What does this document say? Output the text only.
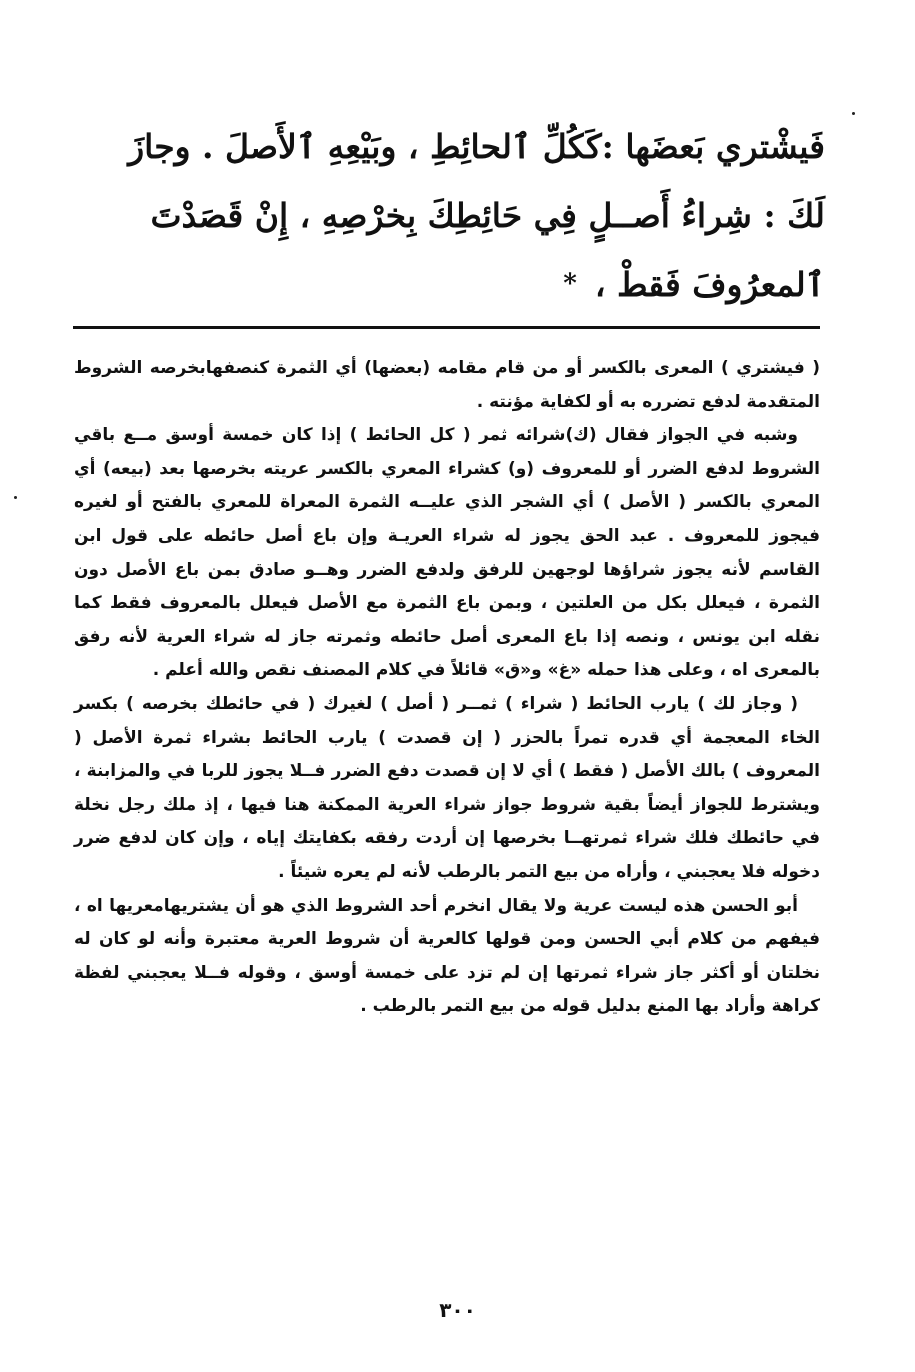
فَيشْتري بَعضَها :كَكُلِّ ٱلحائِطِ ، وبَيْعِهِ ٱلأَصلَ . وجازَ
لَكَ : شِراءُ أَصــلٍ فِي حَائِطِكَ بِخرْصِهِ ، إِنْ قَصَدْتَ
ٱلمعرُوفَ فَقطْ ،*

( فيشتري ) المعرى بالكسر أو من قام مقامه (بعضها) أي الثمرة كنصفهابخرصه الشروط المتقدمة لدفع تضرره به أو لكفاية مؤنته .

وشبه في الجواز فقال (ك)شرائه ثمر ( كل الحائط ) إذا كان خمسة أوسق مــع باقي الشروط لدفع الضرر أو للمعروف (و) كشراء المعري بالكسر عريته بخرصها بعد (بيعه) أي المعري بالكسر ( الأصل ) أي الشجر الذي عليــه الثمرة المعراة للمعري بالفتح أو لغيره فيجوز للمعروف . عبد الحق يجوز له شراء العريـة وإن باع أصل حائطه على قول ابن القاسم لأنه يجوز شراؤها لوجهين للرفق ولدفع الضرر وهــو صادق بمن باع الأصل دون الثمرة ، فيعلل بكل من العلتين ، وبمن باع الثمرة مع الأصل فيعلل بالمعروف فقط كما نقله ابن يونس ، ونصه إذا باع المعرى أصل حائطه وثمرته جاز له شراء العرية لأنه رفق بالمعرى اه ، وعلى هذا حمله «غ» و«ق» قائلاً في كلام المصنف نقص والله أعلم .

( وجاز لك ) يارب الحائط ( شراء ) ثمــر ( أصل ) لغيرك ( في حائطك بخرصه ) بكسر الخاء المعجمة أي قدره تمراً بالحزر ( إن قصدت ) يارب الحائط بشراء ثمرة الأصل ( المعروف ) بالك الأصل ( فقط ) أي لا إن قصدت دفع الضرر فــلا يجوز للربا في والمزابنة ، ويشترط للجواز أيضاً بقية شروط جواز شراء العرية الممكنة هنا فيها ، إذ ملك رجل نخلة في حائطك فلك شراء ثمرتهــا بخرصها إن أردت رفقه بكفايتك إياه ، وإن كان لدفع ضرر دخوله فلا يعجبني ، وأراه من بيع التمر بالرطب لأنه لم يعره شيئاً .

أبو الحسن هذه ليست عرية ولا يقال انخرم أحد الشروط الذي هو أن يشتريهامعريها اه ، فيفهم من كلام أبي الحسن ومن قولها كالعرية أن شروط العرية معتبرة وأنه لو كان له نخلتان أو أكثر جاز شراء ثمرتها إن لم تزد على خمسة أوسق ، وقوله فــلا يعجبني لفظة كراهة وأراد بها المنع بدليل قوله من بيع التمر بالرطب .

٣٠٠
